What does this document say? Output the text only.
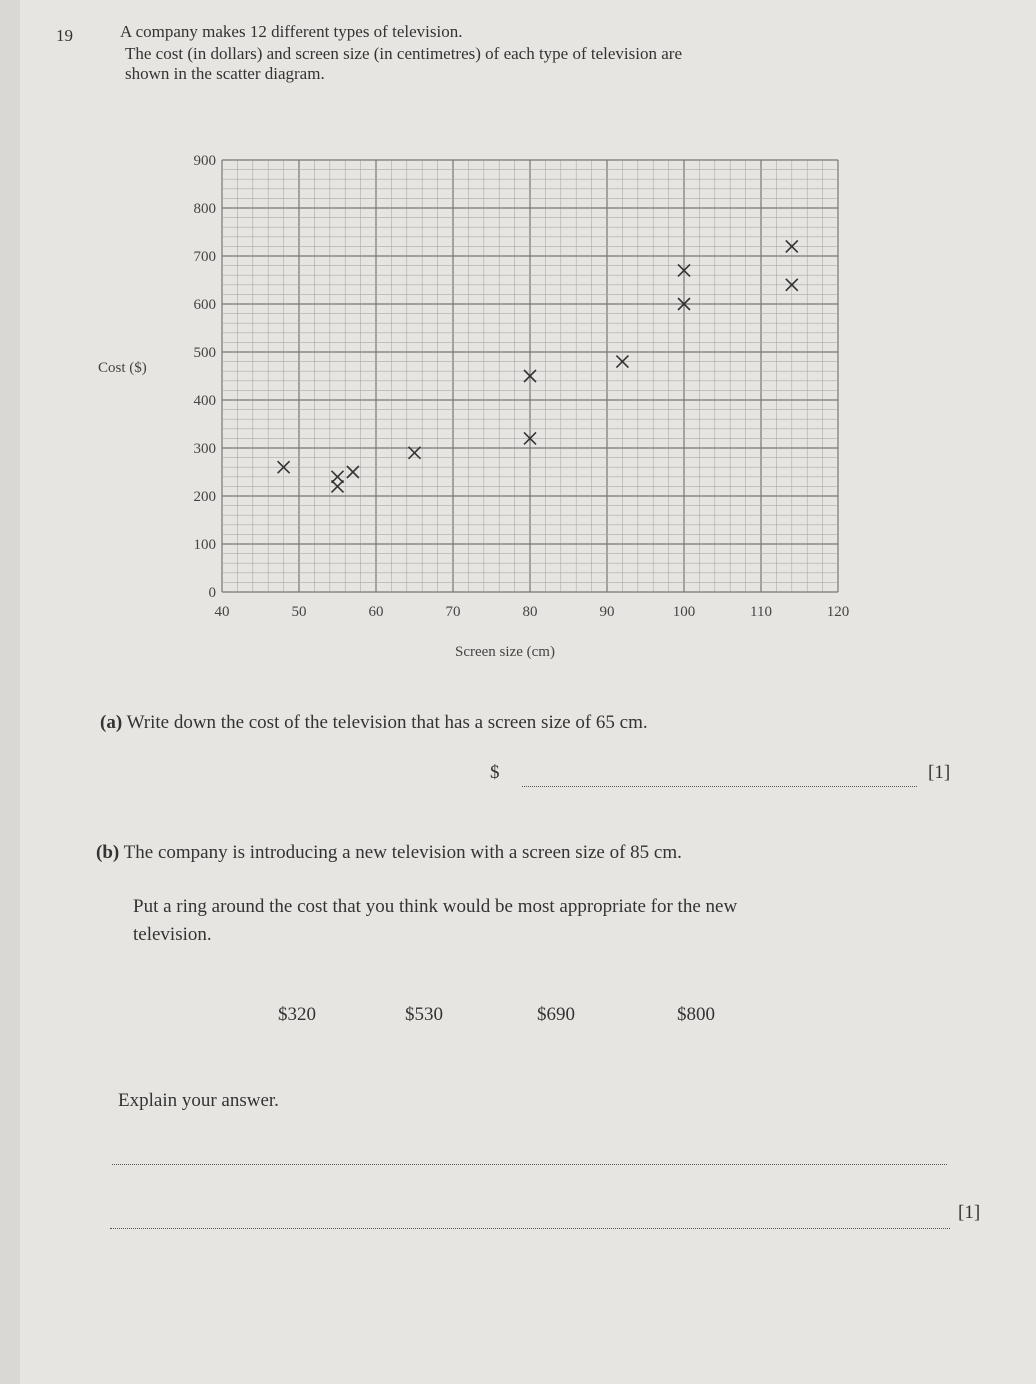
19	A company makes 12 different types of television.
The cost (in dollars) and screen size (in centimetres) of each type of television are
shown in the scatter diagram.
40	50	60	70	80	90	100	110	120
0
100
200
300
400
500
600
700
800
900
Cost ($)
Screen size (cm)
(a) Write down the cost of the television that has a screen size of 65 cm.
$	[1]
(b) The company is introducing a new television with a screen size of 85 cm.
Put a ring around the cost that you think would be most appropriate for the new
television.
$320	$530	$690	$800
Explain your answer.
[1]
